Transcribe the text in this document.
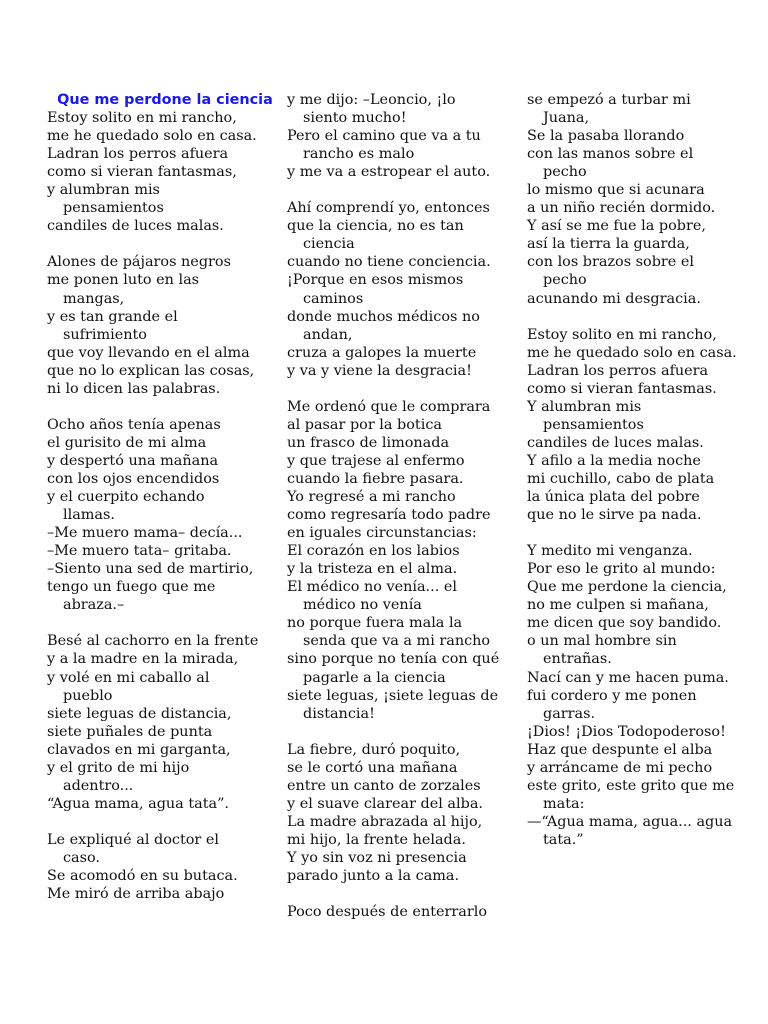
Que me perdone la ciencia
Estoy solito en mi rancho,
me he quedado solo en casa.
Ladran los perros afuera
como si vieran fantasmas,
y alumbran mis
pensamientos
candiles de luces malas.
Alones de pájaros negros
me ponen luto en las
mangas,
y es tan grande el
sufrimiento
que voy llevando en el alma
que no lo explican las cosas,
ni lo dicen las palabras.
Ocho años tenía apenas
el gurisito de mi alma
y despertó una mañana
con los ojos encendidos
y el cuerpito echando
llamas.
–Me muero mama– decía...
–Me muero tata– gritaba.
–Siento una sed de martirio,
tengo un fuego que me
abraza.–
Besé al cachorro en la frente
y a la madre en la mirada,
y volé en mi caballo al
pueblo
siete leguas de distancia,
siete puñales de punta
clavados en mi garganta,
y el grito de mi hijo
adentro...
“Agua mama, agua tata”.
Le expliqué al doctor el
caso.
Se acomodó en su butaca.
Me miró de arriba abajo
y me dijo: –Leoncio, ¡lo
siento mucho!
Pero el camino que va a tu
rancho es malo
y me va a estropear el auto.
Ahí comprendí yo, entonces
que la ciencia, no es tan
ciencia
cuando no tiene conciencia.
¡Porque en esos mismos
caminos
donde muchos médicos no
andan,
cruza a galopes la muerte
y va y viene la desgracia!
Me ordenó que le comprara
al pasar por la botica
un frasco de limonada
y que trajese al enfermo
cuando la fiebre pasara.
Yo regresé a mi rancho
como regresaría todo padre
en iguales circunstancias:
El corazón en los labios
y la tristeza en el alma.
El médico no venía... el
médico no venía
no porque fuera mala la
senda que va a mi rancho
sino porque no tenía con qué
pagarle a la ciencia
siete leguas, ¡siete leguas de
distancia!
La fiebre, duró poquito,
se le cortó una mañana
entre un canto de zorzales
y el suave clarear del alba.
La madre abrazada al hijo,
mi hijo, la frente helada.
Y yo sin voz ni presencia
parado junto a la cama.
Poco después de enterrarlo
se empezó a turbar mi
Juana,
Se la pasaba llorando
con las manos sobre el
pecho
lo mismo que si acunara
a un niño recién dormido.
Y así se me fue la pobre,
así la tierra la guarda,
con los brazos sobre el
pecho
acunando mi desgracia.
Estoy solito en mi rancho,
me he quedado solo en casa.
Ladran los perros afuera
como si vieran fantasmas.
Y alumbran mis
pensamientos
candiles de luces malas.
Y afilo a la media noche
mi cuchillo, cabo de plata
la única plata del pobre
que no le sirve pa nada.
Y medito mi venganza.
Por eso le grito al mundo:
Que me perdone la ciencia,
no me culpen si mañana,
me dicen que soy bandido.
o un mal hombre sin
entrañas.
Nací can y me hacen puma.
fui cordero y me ponen
garras.
¡Dios! ¡Dios Todopoderoso!
Haz que despunte el alba
y arráncame de mi pecho
este grito, este grito que me
mata:
—“Agua mama, agua... agua
tata.”
